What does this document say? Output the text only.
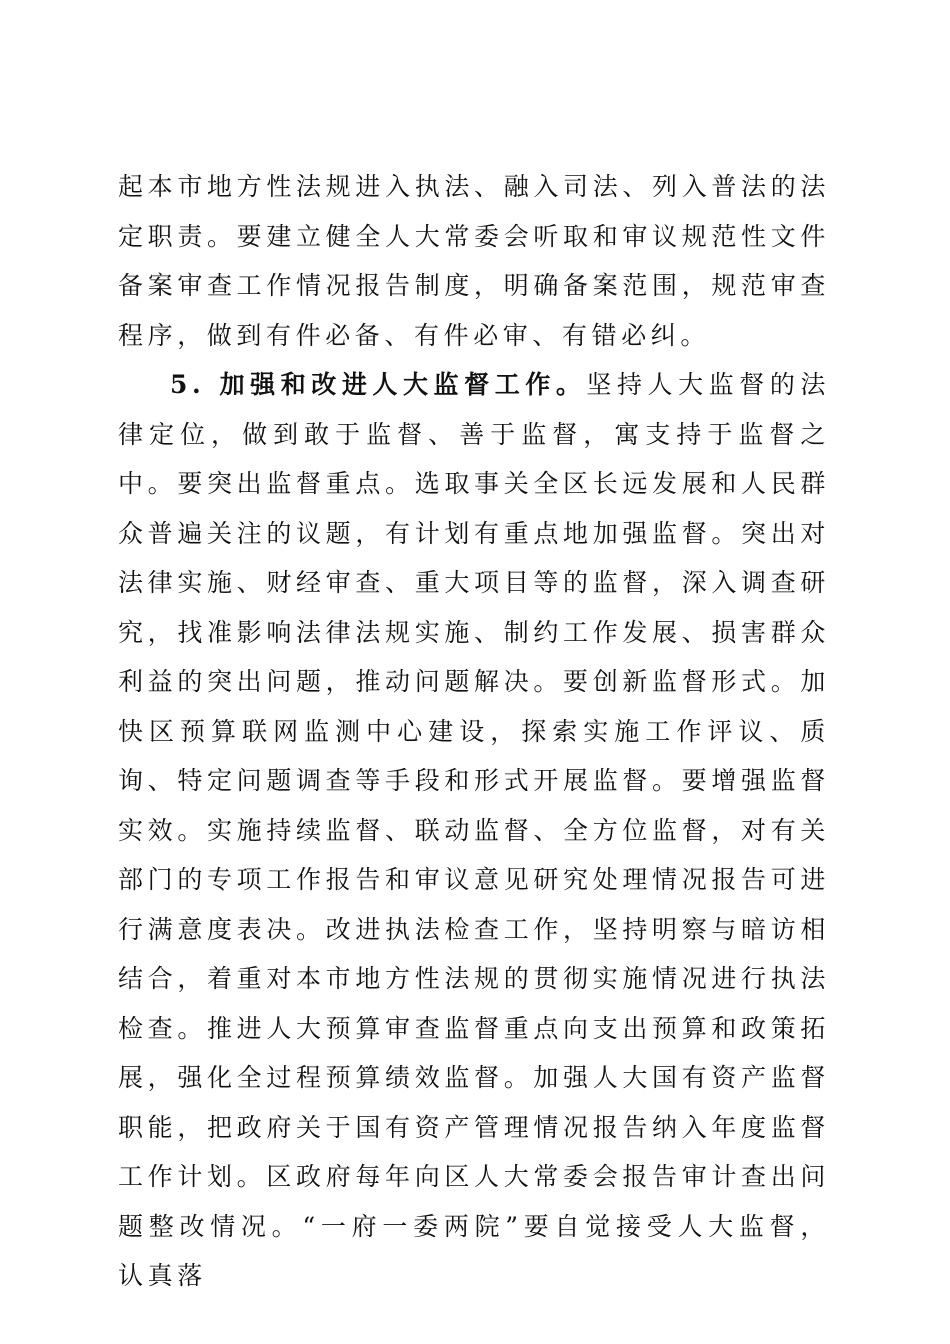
起本市地方性法规进入执法、融入司法、列入普法的法定职责。要建立健全人大常委会听取和审议规范性文件备案审查工作情况报告制度，明确备案范围，规范审查程序，做到有件必备、有件必审、有错必纠。

5. 加强和改进人大监督工作。坚持人大监督的法律定位，做到敢于监督、善于监督，寓支持于监督之中。要突出监督重点。选取事关全区长远发展和人民群众普遍关注的议题，有计划有重点地加强监督。突出对法律实施、财经审查、重大项目等的监督，深入调查研究，找准影响法律法规实施、制约工作发展、损害群众利益的突出问题，推动问题解决。要创新监督形式。加快区预算联网监测中心建设，探索实施工作评议、质询、特定问题调查等手段和形式开展监督。要增强监督实效。实施持续监督、联动监督、全方位监督，对有关部门的专项工作报告和审议意见研究处理情况报告可进行满意度表决。改进执法检查工作，坚持明察与暗访相结合，着重对本市地方性法规的贯彻实施情况进行执法检查。推进人大预算审查监督重点向支出预算和政策拓展，强化全过程预算绩效监督。加强人大国有资产监督职能，把政府关于国有资产管理情况报告纳入年度监督工作计划。区政府每年向区人大常委会报告审计查出问题整改情况。“一府一委两院”要自觉接受人大监督，认真落
